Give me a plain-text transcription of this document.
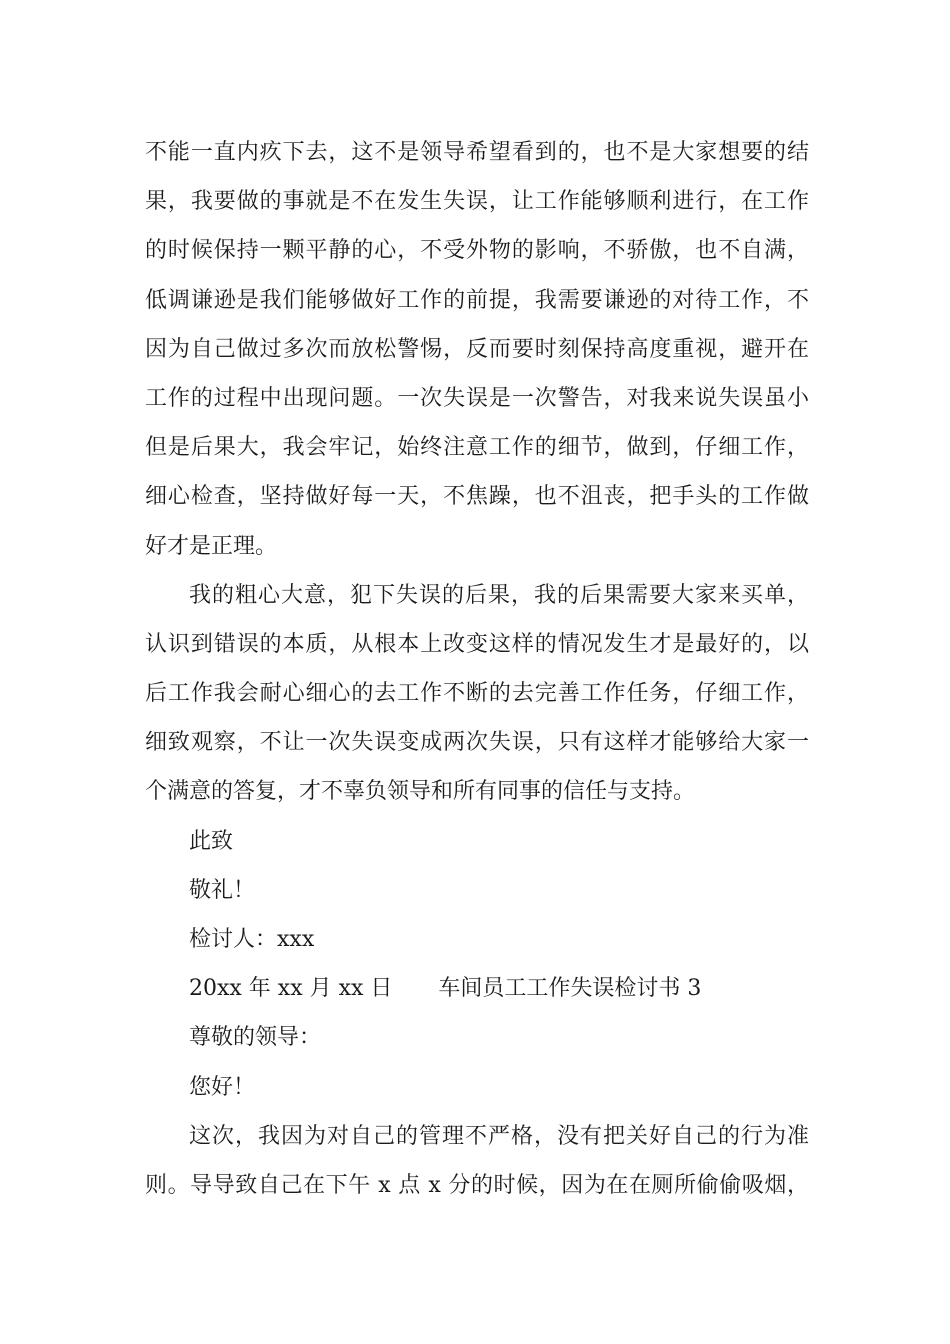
不能一直内疚下去，这不是领导希望看到的，也不是大家想要的结
果，我要做的事就是不在发生失误，让工作能够顺利进行，在工作
的时候保持一颗平静的心，不受外物的影响，不骄傲，也不自满，
低调谦逊是我们能够做好工作的前提，我需要谦逊的对待工作，不
因为自己做过多次而放松警惕，反而要时刻保持高度重视，避开在
工作的过程中出现问题。一次失误是一次警告，对我来说失误虽小
但是后果大，我会牢记，始终注意工作的细节，做到，仔细工作，
细心检查，坚持做好每一天，不焦躁，也不沮丧，把手头的工作做
好才是正理。
我的粗心大意，犯下失误的后果，我的后果需要大家来买单，
认识到错误的本质，从根本上改变这样的情况发生才是最好的，以
后工作我会耐心细心的去工作不断的去完善工作任务，仔细工作，
细致观察，不让一次失误变成两次失误，只有这样才能够给大家一
个满意的答复，才不辜负领导和所有同事的信任与支持。
此致
敬礼！
检讨人：xxx
20xx 年 xx 月 xx 日 车间员工工作失误检讨书 3
尊敬的领导：
您好！
这次，我因为对自己的管理不严格，没有把关好自己的行为准
则。导导致自己在下午 x 点 x 分的时候，因为在在厕所偷偷吸烟，
